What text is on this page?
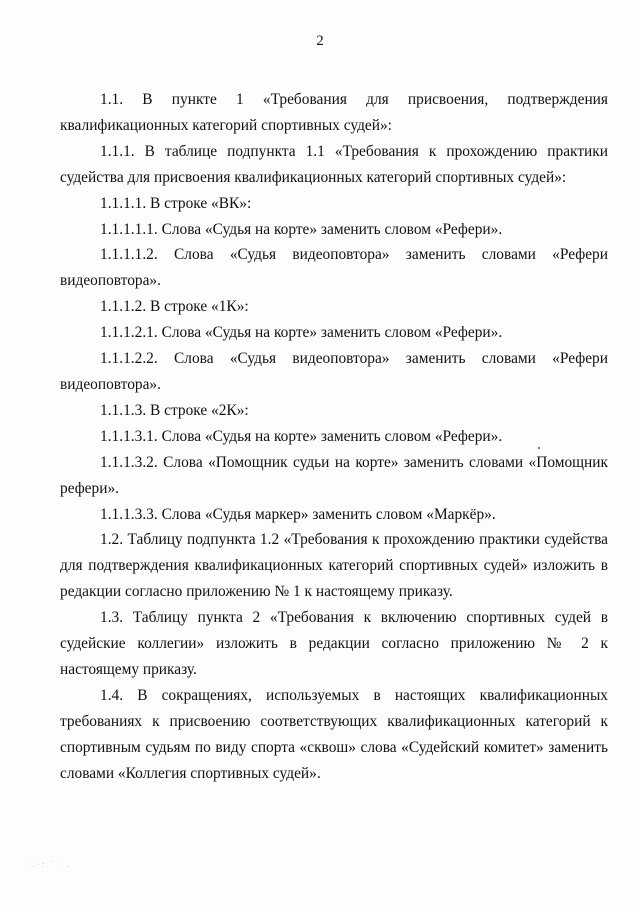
2

1.1. В пункте 1 «Требования для присвоения, подтверждения квалификационных категорий спортивных судей»:

1.1.1. В таблице подпункта 1.1 «Требования к прохождению практики судейства для присвоения квалификационных категорий спортивных судей»:

1.1.1.1. В строке «ВК»:

1.1.1.1.1. Слова «Судья на корте» заменить словом «Рефери».

1.1.1.1.2. Слова «Судья видеоповтора» заменить словами «Рефери видеоповтора».

1.1.1.2. В строке «1К»:

1.1.1.2.1. Слова «Судья на корте» заменить словом «Рефери».

1.1.1.2.2. Слова «Судья видеоповтора» заменить словами «Рефери видеоповтора».

1.1.1.3. В строке «2К»:

1.1.1.3.1. Слова «Судья на корте» заменить словом «Рефери».

1.1.1.3.2. Слова «Помощник судьи на корте» заменить словами «Помощник рефери».

1.1.1.3.3. Слова «Судья маркер» заменить словом «Маркёр».

1.2. Таблицу подпункта 1.2 «Требования к прохождению практики судейства для подтверждения квалификационных категорий спортивных судей» изложить в редакции согласно приложению № 1 к настоящему приказу.

1.3. Таблицу пункта 2 «Требования к включению спортивных судей в судейские коллегии» изложить в редакции согласно приложению № 2 к настоящему приказу.

1.4. В сокращениях, используемых в настоящих квалификационных требованиях к присвоению соответствующих квалификационных категорий к спортивным судьям по виду спорта «сквош» слова «Судейский комитет» заменить словами «Коллегия спортивных судей».

·.·: ˙ ·.
